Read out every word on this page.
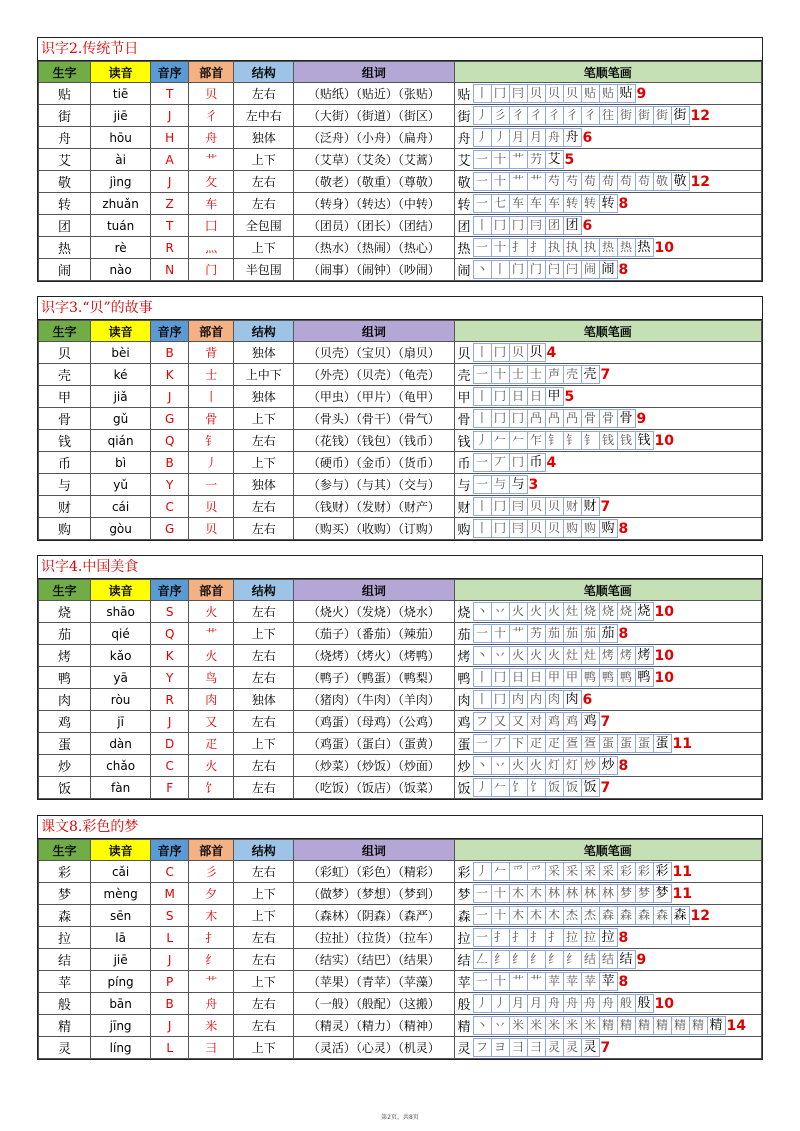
识字2.传统节日
生字	读音	音序	部首	结构	组词	笔顺笔画
贴	tiē	T	贝	左右	（贴纸）（贴近）（张贴）	贴 丨 冂 冃 贝 贝 贝 贴 贴 贴 9
街	jiē	J	彳	左中右	（大街）（街道）（街区）	街 丿 彡 彳 彳 彳 彳 彳 往 街 街 街 街 12
舟	hōu	H	舟	独体	（泛舟）（小舟）（扁舟）	舟 丿 丿 月 月 舟 舟 6
艾	ài	A	艹	上下	（艾草）（艾灸）（艾蒿）	艾 一 十 艹 芀 艾 5
敬	jìng	J	攵	左右	（敬老）（敬重）（尊敬）	敬 一 十 艹 艹 芍 芍 苟 苟 苟 苟 敬 敬 12
转	zhuǎn	Z	车	左右	（转身）（转达）（中转）	转 一 七 车 车 车 转 转 转 8
团	tuán	T	囗	全包围	（团员）（团长）（团结）	团 丨 冂 冂 冃 团 团 6
热	rè	R	灬	上下	（热水）（热闹）（热心）	热 一 十 扌 扌 执 执 执 热 热 热 10
闹	nào	N	门	半包围	（闹事）（闹钟）（吵闹）	闹 丶 丨 门 门 闩 闩 闹 闹 8
识字3.“贝”的故事
生字	读音	音序	部首	结构	组词	笔顺笔画
贝	bèi	B	背	独体	（贝壳）（宝贝）（扇贝）	贝 丨 冂 贝 贝 4
壳	ké	K	士	上中下	（外壳）（贝壳）（龟壳）	壳 一 十 士 士 声 壳 壳 7
甲	jiǎ	J	丨	独体	（甲虫）（甲片）（龟甲）	甲 丨 冂 日 日 甲 5
骨	gǔ	G	骨	上下	（骨头）（骨干）（骨气）	骨 丨 冂 冂 冎 冎 冎 骨 骨 骨 9
钱	qián	Q	钅	左右	（花钱）（钱包）（钱币）	钱 丿 𠂉 𠂉 乍 钅 钅 钅 钱 钱 钱 10
币	bì	B	丿	上下	（硬币）（金币）（货币）	币 一 丆 冂 币 4
与	yǔ	Y	一	独体	（参与）（与其）（交与）	与 一 与 与 3
财	cái	C	贝	左右	（钱财）（发财）（财产）	财 丨 冂 冃 贝 贝 财 财 7
购	gòu	G	贝	左右	（购买）（收购）（订购）	购 丨 冂 冃 贝 贝 购 购 购 8
识字4.中国美食
生字	读音	音序	部首	结构	组词	笔顺笔画
烧	shāo	S	火	左右	（烧火）（发烧）（烧水）	烧 丶 丷 火 火 火 灶 烧 烧 烧 烧 10
茄	qié	Q	艹	上下	（茄子）（番茄）（辣茄）	茄 一 十 艹 艻 茄 茄 茄 茄 8
烤	kǎo	K	火	左右	（烧烤）（烤火）（烤鸭）	烤 丶 丷 火 火 火 灶 灶 烤 烤 烤 10
鸭	yā	Y	鸟	左右	（鸭子）（鸭蛋）（鸭梨）	鸭 丨 冂 日 日 甲 甲 鸭 鸭 鸭 鸭 10
肉	ròu	R	肉	独体	（猪肉）（牛肉）（羊肉）	肉 丨 冂 内 内 肉 肉 6
鸡	jī	J	又	左右	（鸡蛋）（母鸡）（公鸡）	鸡 フ 又 又 对 鸡 鸡 鸡 7
蛋	dàn	D	疋	上下	（鸡蛋）（蛋白）（蛋黄）	蛋 一 丆 下 疋 疋 疍 疍 蛋 蛋 蛋 蛋 11
炒	chǎo	C	火	左右	（炒菜）（炒饭）（炒面）	炒 丶 丷 火 火 灯 灯 炒 炒 8
饭	fàn	F	饣	左右	（吃饭）（饭店）（饭菜）	饭 丿 𠂉 饣 饣 饭 饭 饭 7
课文8.彩色的梦
生字	读音	音序	部首	结构	组词	笔顺笔画
彩	cǎi	C	彡	左右	（彩虹）（彩色）（精彩）	彩 丿 𠂉 爫 爫 采 采 采 采 彩 彩 彩 11
梦	mèng	M	夕	上下	（做梦）（梦想）（梦到）	梦 一 十 木 木 林 林 林 林 梦 梦 梦 11
森	sēn	S	木	上下	（森林）（阴森）（森严）	森 一 十 木 木 木 杰 杰 森 森 森 森 森 12
拉	lā	L	扌	左右	（拉扯）（拉货）（拉车）	拉 一 扌 扌 扌 扌 拉 拉 拉 8
结	jiē	J	纟	左右	（结实）（结巴）（结果）	结 𠃋 纟 纟 纟 纟 纟 结 结 结 9
苹	píng	P	艹	上下	（苹果）（青苹）（苹藻）	苹 一 十 艹 艹 苹 苹 苹 苹 8
般	bān	B	舟	左右	（一般）（般配）（这搬）	般 丿 丿 月 月 舟 舟 舟 舟 般 般 10
精	jīng	J	米	左右	（精灵）（精力）（精神）	精 丶 丷 米 米 米 米 米 精 精 精 精 精 精 精 14
灵	líng	L	彐	上下	（灵活）（心灵）（机灵）	灵 フ ヨ 彐 彐 灵 灵 灵 7
第2页，共8页
